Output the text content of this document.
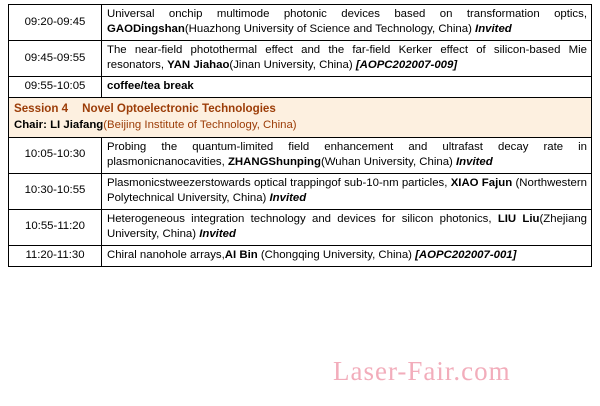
09:20-09:45	Universal onchip multimode photonic devices based on transformation optics, GAODingshan(Huazhong University of Science and Technology, China) Invited
09:45-09:55	The near-field photothermal effect and the far-field Kerker effect of silicon-based Mie resonators, YAN Jiahao(Jinan University, China) [AOPC202007-009]
09:55-10:05	coffee/tea break

Session 4 Novel Optoelectronic Technologies
Chair: LI Jiafang(Beijing Institute of Technology, China)	

10:05-10:30	Probing the quantum-limited field enhancement and ultrafast decay rate in plasmonicnanocavities, ZHANGShunping(Wuhan University, China) Invited
10:30-10:55	Plasmonicstweezerstowards optical trappingof sub-10-nm particles, XIAO Fajun (Northwestern Polytechnical University, China) Invited
10:55-11:20	Heterogeneous integration technology and devices for silicon photonics, LIU Liu(Zhejiang University, China) Invited
11:20-11:30	Chiral nanohole arrays,AI Bin (Chongqing University, China) [AOPC202007-001]
Laser-Fair.com
